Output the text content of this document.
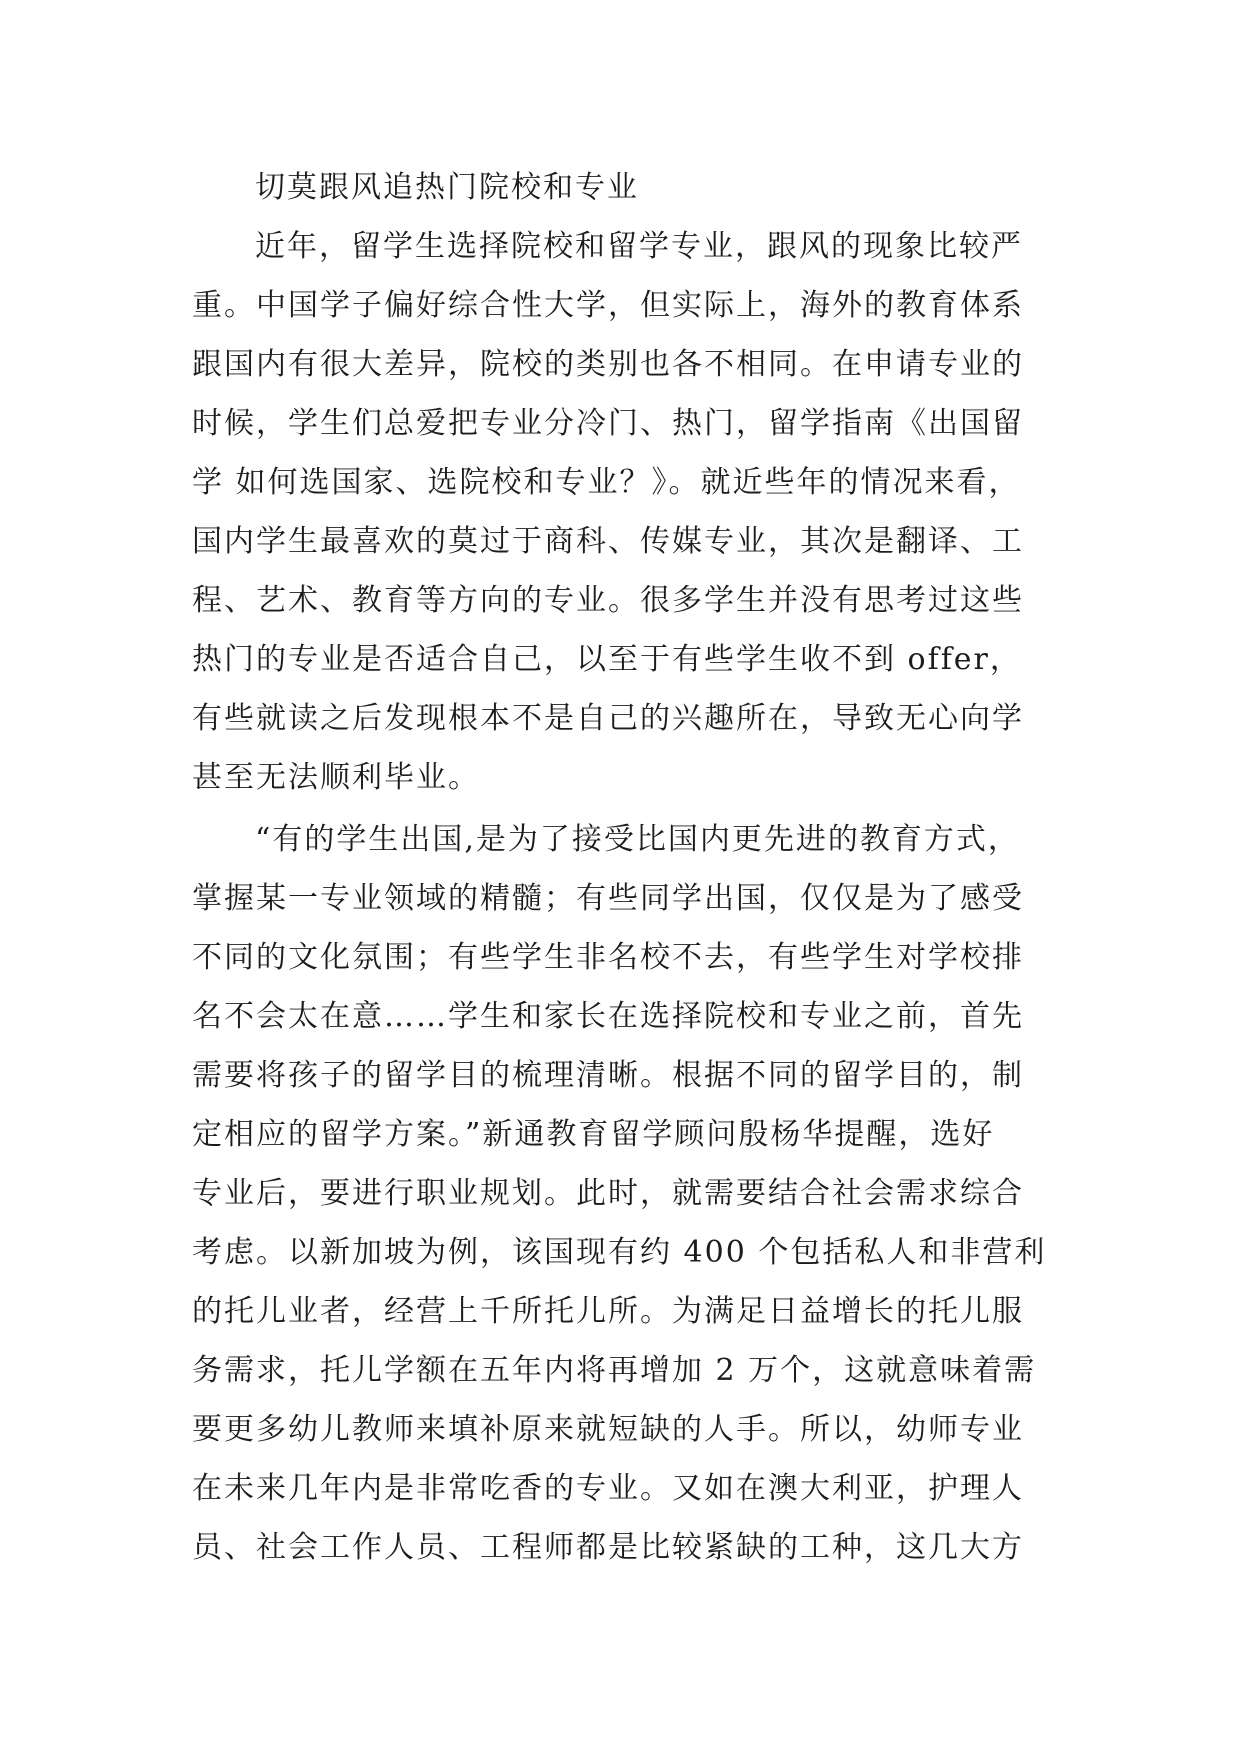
切莫跟风追热门院校和专业
近年，留学生选择院校和留学专业，跟风的现象比较严
重。中国学子偏好综合性大学，但实际上，海外的教育体系
跟国内有很大差异，院校的类别也各不相同。在申请专业的
时候，学生们总爱把专业分冷门、热门，留学指南《出国留
学 如何选国家、选院校和专业？》。就近些年的情况来看，
国内学生最喜欢的莫过于商科、传媒专业，其次是翻译、工
程、艺术、教育等方向的专业。很多学生并没有思考过这些
热门的专业是否适合自己，以至于有些学生收不到 offer，
有些就读之后发现根本不是自己的兴趣所在，导致无心向学
甚至无法顺利毕业。
“有的学生出国,是为了接受比国内更先进的教育方式，
掌握某一专业领域的精髓；有些同学出国，仅仅是为了感受
不同的文化氛围；有些学生非名校不去，有些学生对学校排
名不会太在意……学生和家长在选择院校和专业之前，首先
需要将孩子的留学目的梳理清晰。根据不同的留学目的，制
定相应的留学方案。”新通教育留学顾问殷杨华提醒，选好
专业后，要进行职业规划。此时，就需要结合社会需求综合
考虑。以新加坡为例，该国现有约 400 个包括私人和非营利
的托儿业者，经营上千所托儿所。为满足日益增长的托儿服
务需求，托儿学额在五年内将再增加 2 万个，这就意味着需
要更多幼儿教师来填补原来就短缺的人手。所以，幼师专业
在未来几年内是非常吃香的专业。又如在澳大利亚，护理人
员、社会工作人员、工程师都是比较紧缺的工种，这几大方
